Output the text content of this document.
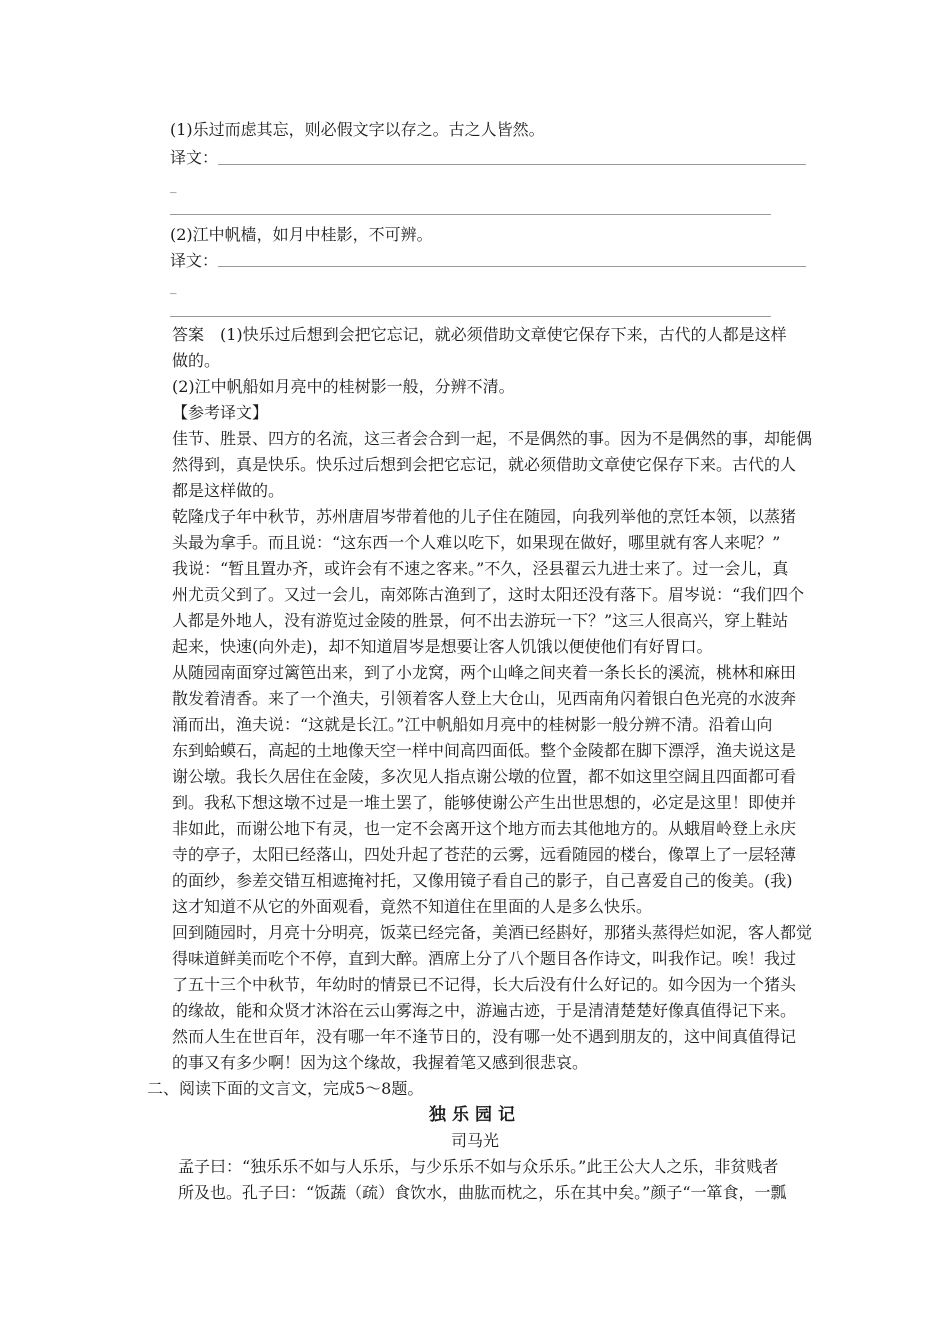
(1)乐过而虑其忘，则必假文字以存之。古之人皆然。
译文：
_
(2)江中帆樯，如月中桂影，不可辨。
译文：
_
答案　(1)快乐过后想到会把它忘记，就必须借助文章使它保存下来，古代的人都是这样
做的。
(2)江中帆船如月亮中的桂树影一般，分辨不清。
【参考译文】
佳节、胜景、四方的名流，这三者会合到一起，不是偶然的事。因为不是偶然的事，却能偶
然得到，真是快乐。快乐过后想到会把它忘记，就必须借助文章使它保存下来。古代的人
都是这样做的。
乾隆戊子年中秋节，苏州唐眉岑带着他的儿子住在随园，向我列举他的烹饪本领，以蒸猪
头最为拿手。而且说：“这东西一个人难以吃下，如果现在做好，哪里就有客人来呢？”
我说：“暂且置办齐，或许会有不速之客来。”不久，泾县翟云九进士来了。过一会儿，真
州尤贡父到了。又过一会儿，南郊陈古渔到了，这时太阳还没有落下。眉岑说：“我们四个
人都是外地人，没有游览过金陵的胜景，何不出去游玩一下？”这三人很高兴，穿上鞋站
起来，快速(向外走)，却不知道眉岑是想要让客人饥饿以便使他们有好胃口。
从随园南面穿过篱笆出来，到了小龙窝，两个山峰之间夹着一条长长的溪流，桃林和麻田
散发着清香。来了一个渔夫，引领着客人登上大仓山，见西南角闪着银白色光亮的水波奔
涌而出，渔夫说：“这就是长江。”江中帆船如月亮中的桂树影一般分辨不清。沿着山向
东到蛤蟆石，高起的土地像天空一样中间高四面低。整个金陵都在脚下漂浮，渔夫说这是
谢公墩。我长久居住在金陵，多次见人指点谢公墩的位置，都不如这里空阔且四面都可看
到。我私下想这墩不过是一堆土罢了，能够使谢公产生出世思想的，必定是这里！即使并
非如此，而谢公地下有灵，也一定不会离开这个地方而去其他地方的。从蛾眉岭登上永庆
寺的亭子，太阳已经落山，四处升起了苍茫的云雾，远看随园的楼台，像罩上了一层轻薄
的面纱，参差交错互相遮掩衬托，又像用镜子看自己的影子，自己喜爱自己的俊美。(我)
这才知道不从它的外面观看，竟然不知道住在里面的人是多么快乐。
回到随园时，月亮十分明亮，饭菜已经完备，美酒已经斟好，那猪头蒸得烂如泥，客人都觉
得味道鲜美而吃个不停，直到大醉。酒席上分了八个题目各作诗文，叫我作记。唉！我过
了五十三个中秋节，年幼时的情景已不记得，长大后没有什么好记的。如今因为一个猪头
的缘故，能和众贤才沐浴在云山雾海之中，游遍古迹，于是清清楚楚好像真值得记下来。
然而人生在世百年，没有哪一年不逢节日的，没有哪一处不遇到朋友的，这中间真值得记
的事又有多少啊！因为这个缘故，我握着笔又感到很悲哀。
二、阅读下面的文言文，完成5～8题。
独乐园记
司马光
孟子曰：“独乐乐不如与人乐乐，与少乐乐不如与众乐乐。”此王公大人之乐，非贫贱者
所及也。孔子曰：“饭蔬（疏）食饮水，曲肱而枕之，乐在其中矣。”颜子“一箪食，一瓢
